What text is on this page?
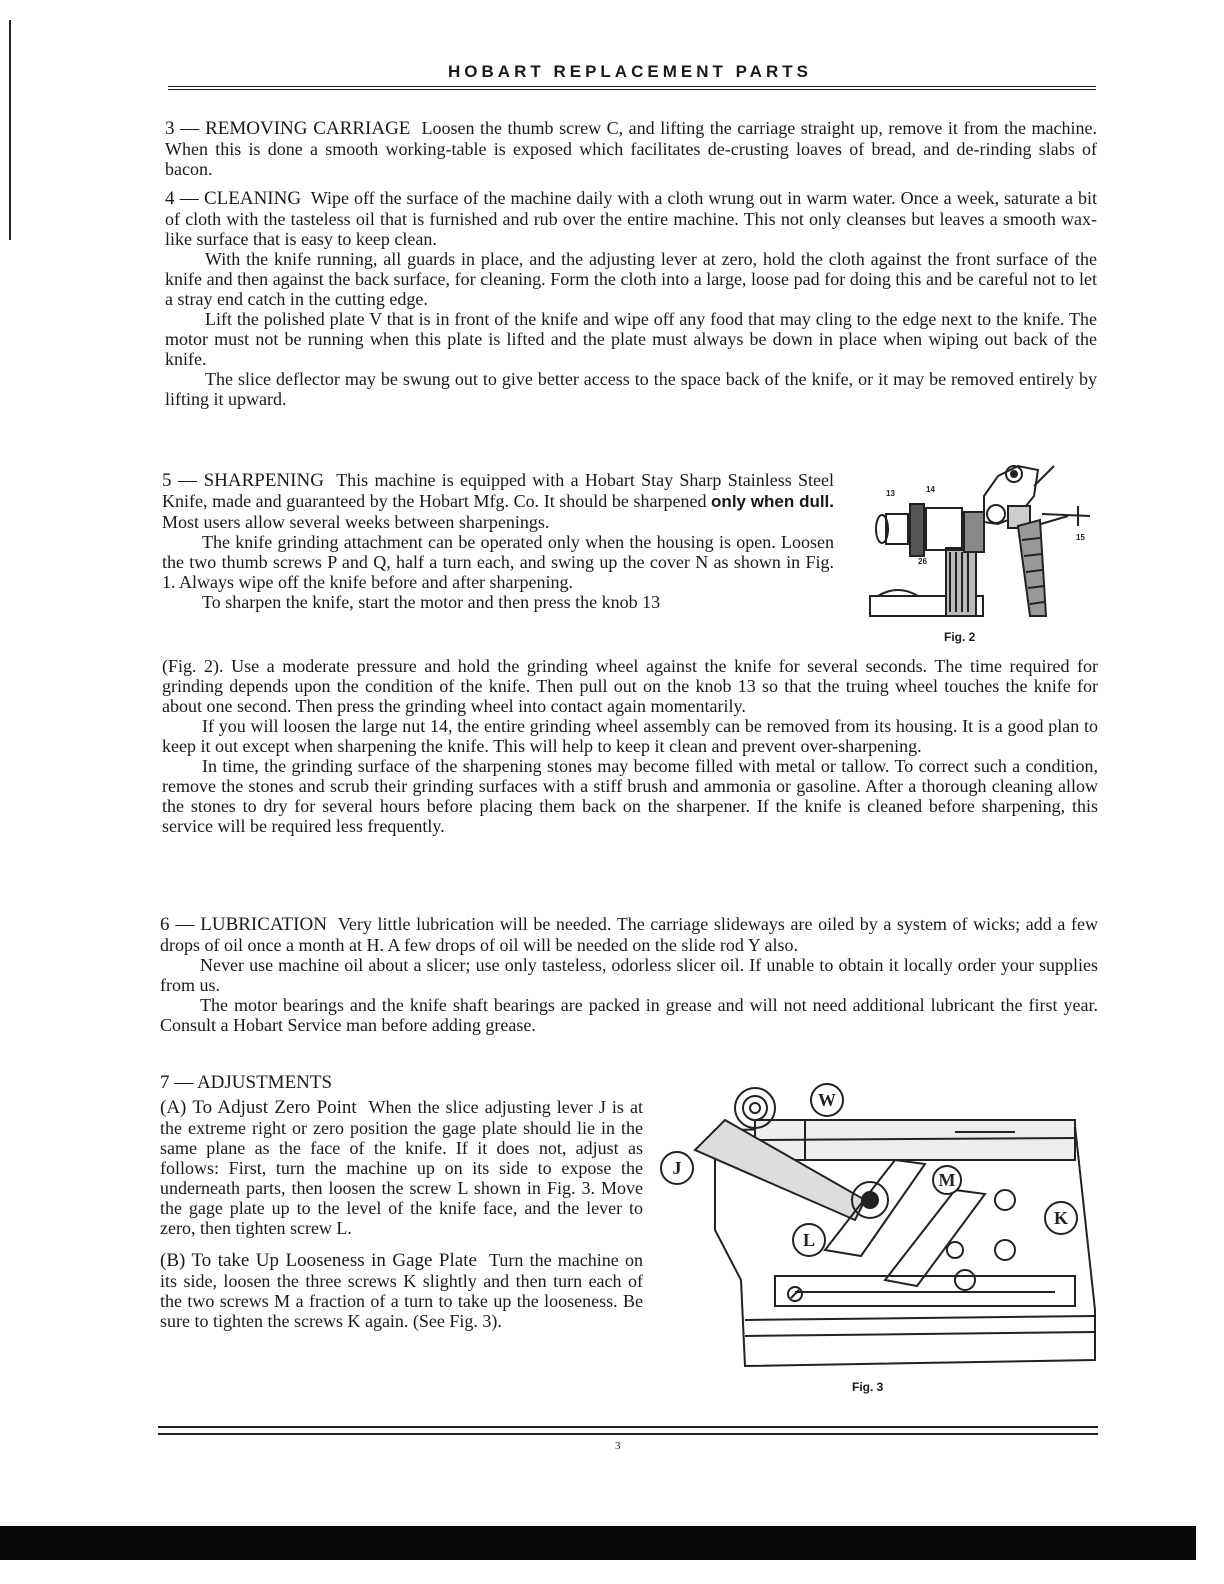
HOBART REPLACEMENT PARTS

3 — REMOVING CARRIAGE Loosen the thumb screw C, and lifting the carriage straight up, remove it from the machine. When this is done a smooth working-table is exposed which facilitates de-crusting loaves of bread, and de-rinding slabs of bacon.

4 — CLEANING Wipe off the surface of the machine daily with a cloth wrung out in warm water. Once a week, saturate a bit of cloth with the tasteless oil that is furnished and rub over the entire machine. This not only cleanses but leaves a smooth wax-like surface that is easy to keep clean.

With the knife running, all guards in place, and the adjusting lever at zero, hold the cloth against the front surface of the knife and then against the back surface, for cleaning. Form the cloth into a large, loose pad for doing this and be careful not to let a stray end catch in the cutting edge.

Lift the polished plate V that is in front of the knife and wipe off any food that may cling to the edge next to the knife. The motor must not be running when this plate is lifted and the plate must always be down in place when wiping out back of the knife.

The slice deflector may be swung out to give better access to the space back of the knife, or it may be removed entirely by lifting it upward.

5 — SHARPENING This machine is equipped with a Hobart Stay Sharp Stainless Steel Knife, made and guaranteed by the Hobart Mfg. Co. It should be sharpened only when dull. Most users allow several weeks between sharpenings.

The knife grinding attachment can be operated only when the housing is open. Loosen the two thumb screws P and Q, half a turn each, and swing up the cover N as shown in Fig. 1. Always wipe off the knife before and after sharpening.

To sharpen the knife, start the motor and then press the knob 13

13	14
15
26
Fig. 2

(Fig. 2). Use a moderate pressure and hold the grinding wheel against the knife for several seconds. The time required for grinding depends upon the condition of the knife. Then pull out on the knob 13 so that the truing wheel touches the knife for about one second. Then press the grinding wheel into contact again momentarily.

If you will loosen the large nut 14, the entire grinding wheel assembly can be removed from its housing. It is a good plan to keep it out except when sharpening the knife. This will help to keep it clean and prevent over-sharpening.

In time, the grinding surface of the sharpening stones may become filled with metal or tallow. To correct such a condition, remove the stones and scrub their grinding surfaces with a stiff brush and ammonia or gasoline. After a thorough cleaning allow the stones to dry for several hours before placing them back on the sharpener. If the knife is cleaned before sharpening, this service will be required less frequently.

6 — LUBRICATION Very little lubrication will be needed. The carriage slideways are oiled by a system of wicks; add a few drops of oil once a month at H. A few drops of oil will be needed on the slide rod Y also.

Never use machine oil about a slicer; use only tasteless, odorless slicer oil. If unable to obtain it locally order your supplies from us.

The motor bearings and the knife shaft bearings are packed in grease and will not need additional lubricant the first year. Consult a Hobart Service man before adding grease.

7 — ADJUSTMENTS

(A) To Adjust Zero Point When the slice adjusting lever J is at the extreme right or zero position the gage plate should lie in the same plane as the face of the knife. If it does not, adjust as follows: First, turn the machine up on its side to expose the underneath parts, then loosen the screw L shown in Fig. 3. Move the gage plate up to the level of the knife face, and the lever to zero, then tighten screw L.

(B) To take Up Looseness in Gage Plate Turn the machine on its side, loosen the three screws K slightly and then turn each of the two screws M a fraction of a turn to take up the looseness. Be sure to tighten the screws K again. (See Fig. 3).

W
J
M
K
L
Fig. 3
3
